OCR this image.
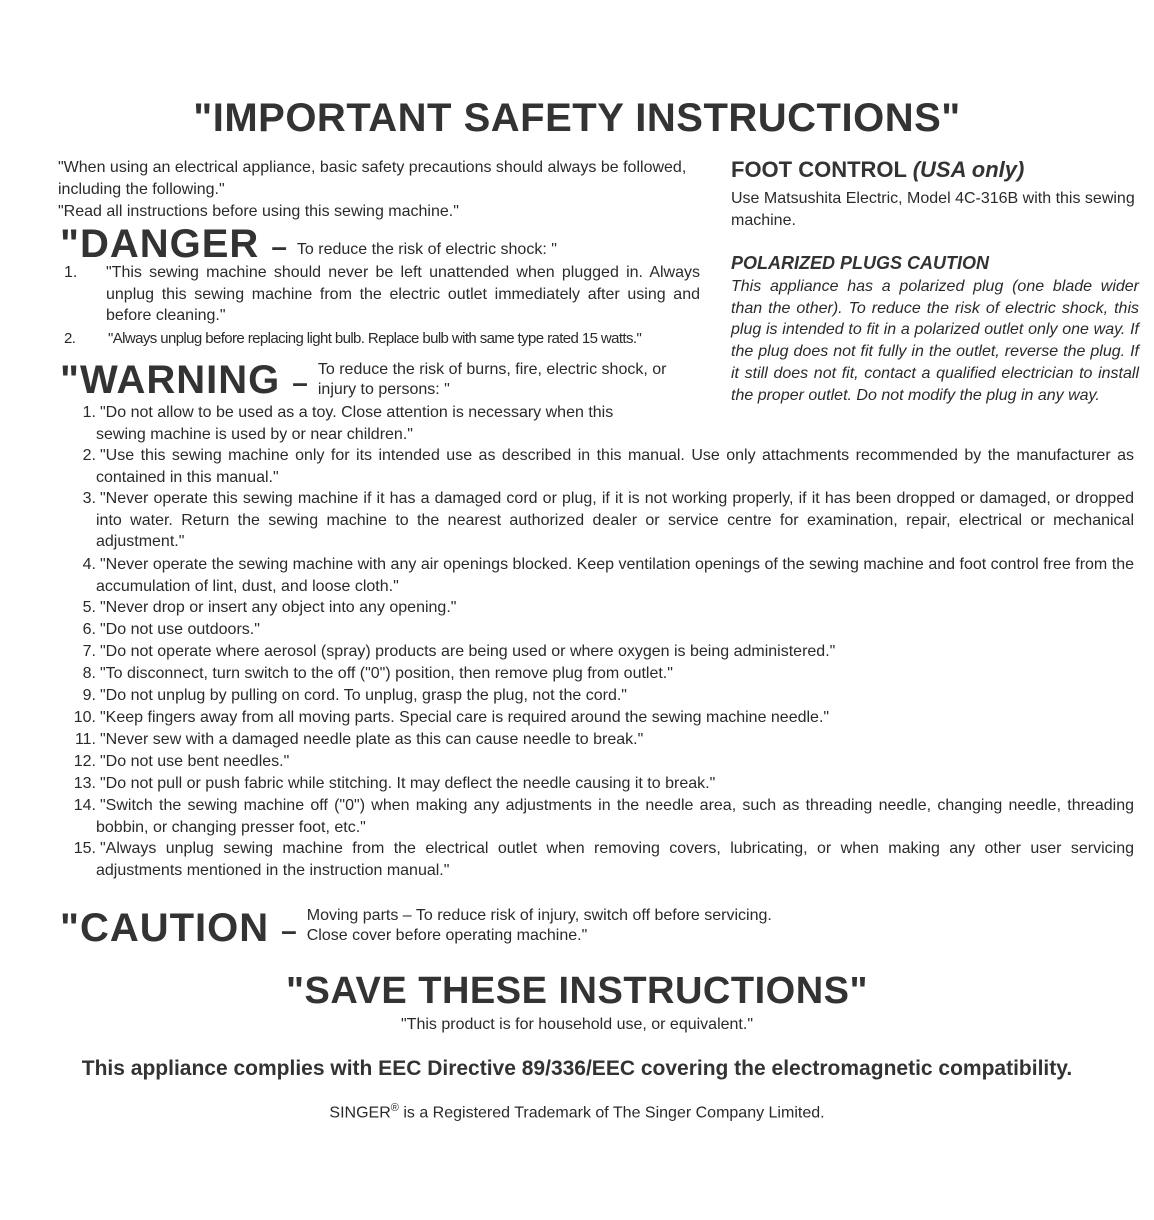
"IMPORTANT SAFETY INSTRUCTIONS"
"When using an electrical appliance, basic safety precautions should always be followed, including the following."
"Read all instructions before using this sewing machine."
"DANGER – To reduce the risk of electric shock: "
1.	"This sewing machine should never be left unattended when plugged in. Always unplug this sewing machine from the electric outlet immediately after using and before cleaning."
2.	"Always unplug before replacing light bulb. Replace bulb with same type rated 15 watts."
"WARNING – To reduce the risk of burns, fire, electric shock, or injury to persons: "
1. "Do not allow to be used as a toy. Close attention is necessary when this sewing machine is used by or near children."
2. "Use this sewing machine only for its intended use as described in this manual. Use only attachments recommended by the manufacturer as contained in this manual."
3. "Never operate this sewing machine if it has a damaged cord or plug, if it is not working properly, if it has been dropped or damaged, or dropped into water. Return the sewing machine to the nearest authorized dealer or service centre for examination, repair, electrical or mechanical adjustment."
4. "Never operate the sewing machine with any air openings blocked. Keep ventilation openings of the sewing machine and foot control free from the accumulation of lint, dust, and loose cloth."
5. "Never drop or insert any object into any opening."
6. "Do not use outdoors."
7. "Do not operate where aerosol (spray) products are being used or where oxygen is being administered."
8. "To disconnect, turn switch to the off ("0") position, then remove plug from outlet."
9. "Do not unplug by pulling on cord. To unplug, grasp the plug, not the cord."
10. "Keep fingers away from all moving parts. Special care is required around the sewing machine needle."
11. "Never sew with a damaged needle plate as this can cause needle to break."
12. "Do not use bent needles."
13. "Do not pull or push fabric while stitching. It may deflect the needle causing it to break."
14. "Switch the sewing machine off ("0") when making any adjustments in the needle area, such as threading needle, changing needle, threading bobbin, or changing presser foot, etc."
15. "Always unplug sewing machine from the electrical outlet when removing covers, lubricating, or when making any other user servicing adjustments mentioned in the instruction manual."
"CAUTION – Moving parts – To reduce risk of injury, switch off before servicing.
Close cover before operating machine."
"SAVE THESE INSTRUCTIONS"
"This product is for household use, or equivalent."
This appliance complies with EEC Directive 89/336/EEC covering the electromagnetic compatibility.
SINGER® is a Registered Trademark of The Singer Company Limited.
FOOT CONTROL (USA only)
Use Matsushita Electric, Model 4C-316B with this sewing machine.
POLARIZED PLUGS CAUTION
This appliance has a polarized plug (one blade wider than the other). To reduce the risk of electric shock, this plug is intended to fit in a polarized outlet only one way. If the plug does not fit fully in the outlet, reverse the plug. If it still does not fit, contact a qualified electrician to install the proper outlet. Do not modify the plug in any way.
